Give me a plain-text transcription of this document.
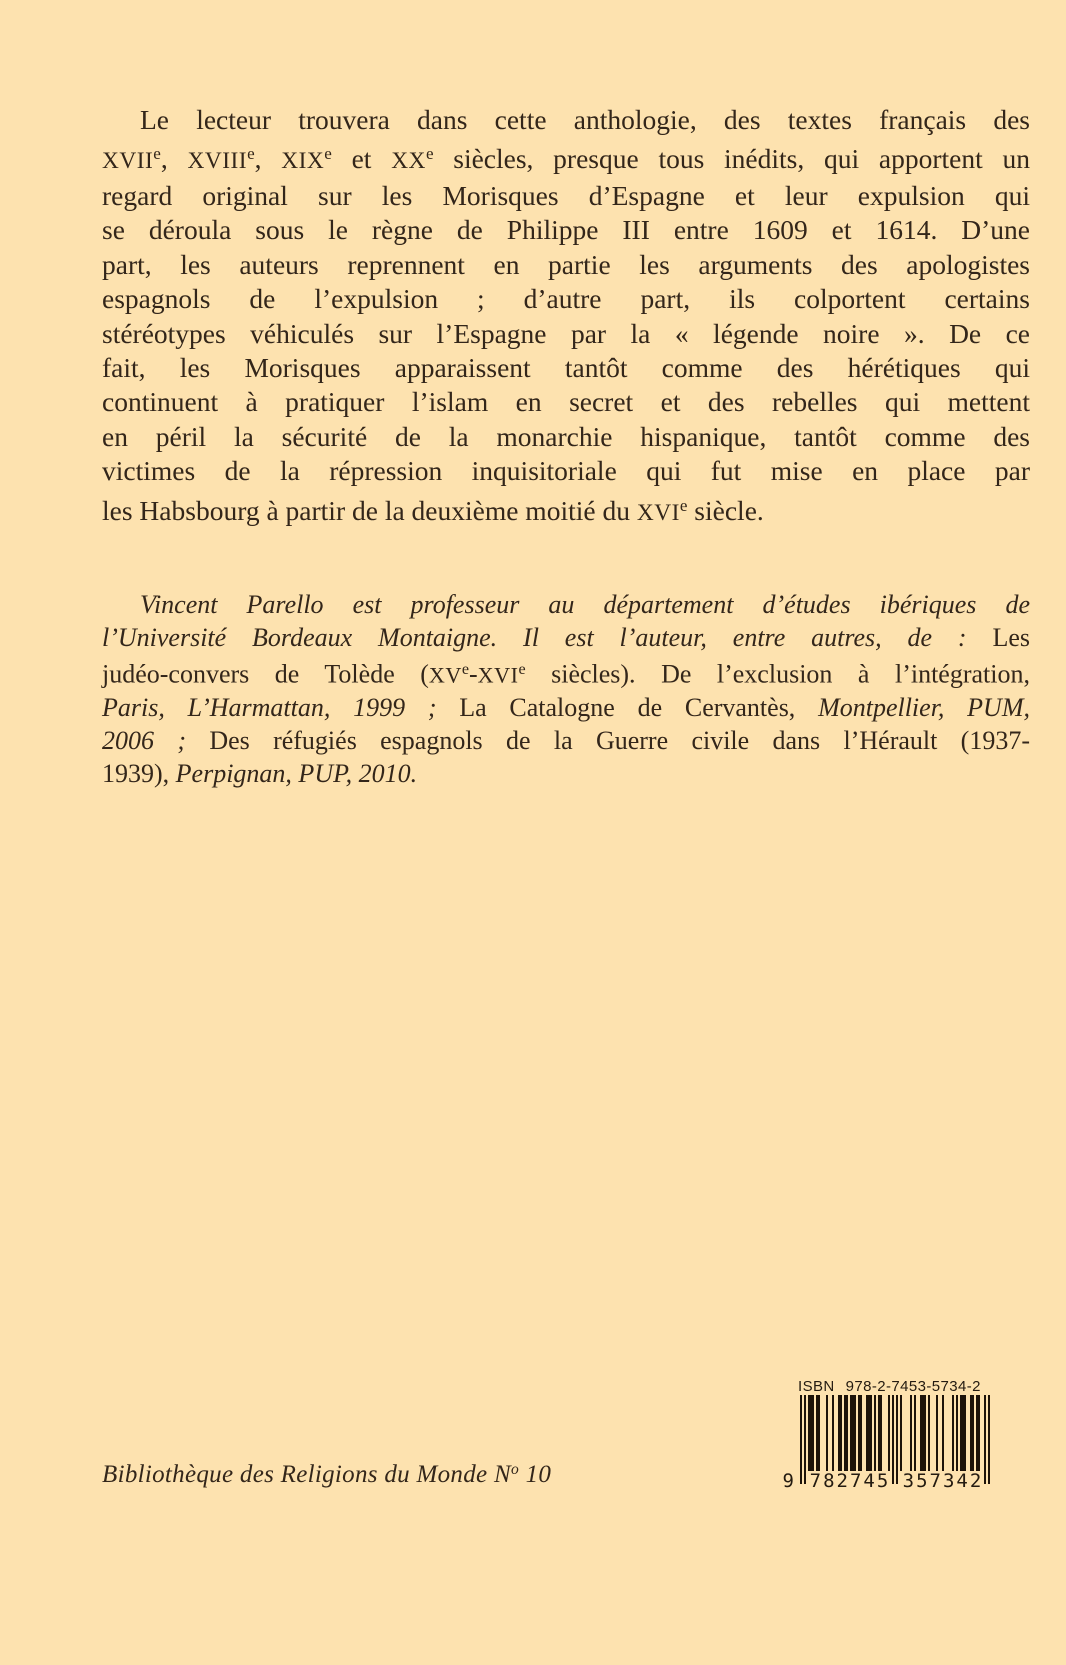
Le lecteur trouvera dans cette anthologie, des textes français des
XVIIe, XVIIIe, XIXe et XXe siècles, presque tous inédits, qui apportent un
regard original sur les Morisques d’Espagne et leur expulsion qui
se déroula sous le règne de Philippe III entre 1609 et 1614. D’une
part, les auteurs reprennent en partie les arguments des apologistes
espagnols de l’expulsion ; d’autre part, ils colportent certains
stéréotypes véhiculés sur l’Espagne par la « légende noire ». De ce
fait, les Morisques apparaissent tantôt comme des hérétiques qui
continuent à pratiquer l’islam en secret et des rebelles qui mettent
en péril la sécurité de la monarchie hispanique, tantôt comme des
victimes de la répression inquisitoriale qui fut mise en place par
les Habsbourg à partir de la deuxième moitié du XVIe siècle.
Vincent Parello est professeur au département d’études ibériques de
l’Université Bordeaux Montaigne. Il est l’auteur, entre autres, de : Les
judéo-convers de Tolède (XVe-XVIe siècles). De l’exclusion à l’intégration,
Paris, L’Harmattan, 1999 ; La Catalogne de Cervantès, Montpellier, PUM,
2006 ; Des réfugiés espagnols de la Guerre civile dans l’Hérault (1937-
1939), Perpignan, PUP, 2010.
Bibliothèque des Religions du Monde $N^o$ 10
ISBN 978-2-7453-5734-2
9 782745 357342
